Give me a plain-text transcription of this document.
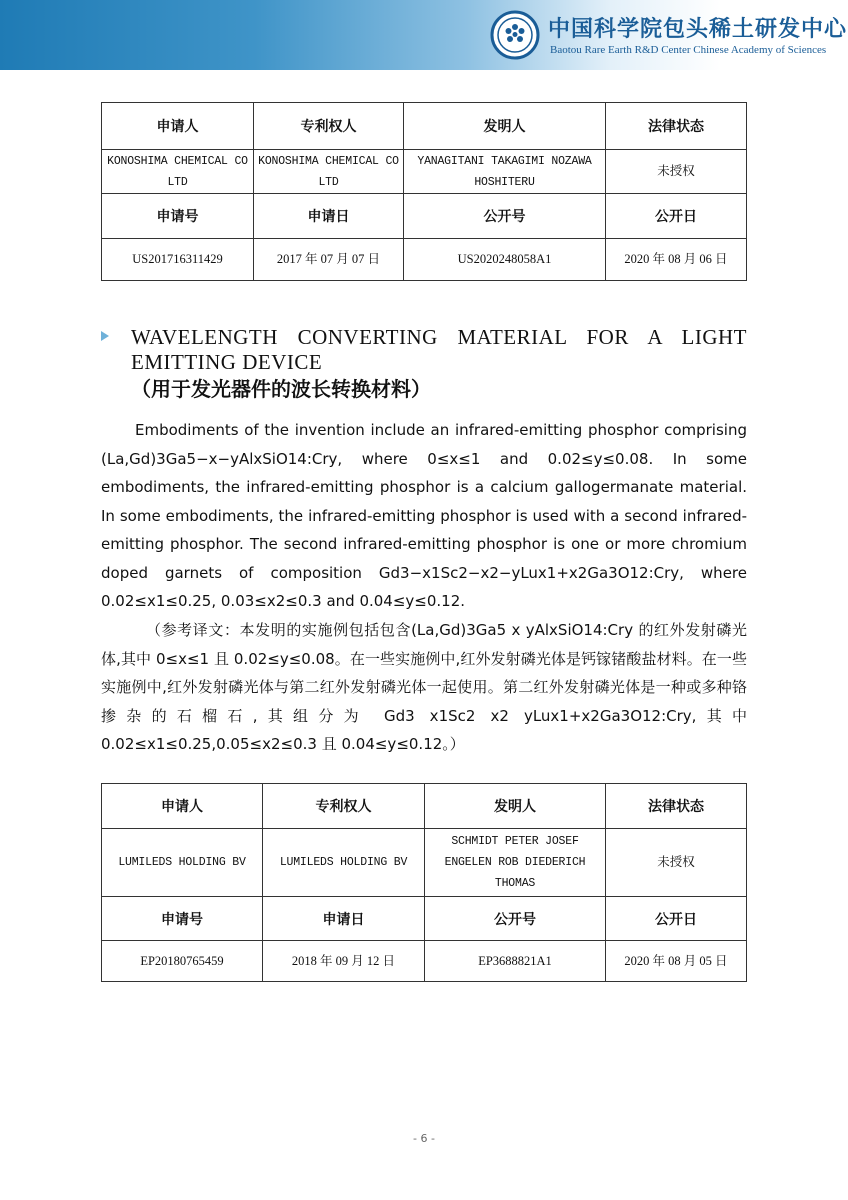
中国科学院包头稀土研发中心
Baotou Rare Earth R&D Center Chinese Academy of Sciences
申请人	专利权人	发明人	法律状态
KONOSHIMA CHEMICAL CO LTD	KONOSHIMA CHEMICAL CO LTD	YANAGITANI TAKAGIMI NOZAWA HOSHITERU	未授权
申请号	申请日	公开号	公开日
US201716311429	2017 年 07 月 07 日	US2020248058A1	2020 年 08 月 06 日
WAVELENGTH CONVERTING MATERIAL FOR A LIGHT EMITTING DEVICE
（用于发光器件的波长转换材料）
Embodiments of the invention include an infrared-emitting phosphor comprising (La,Gd)3Ga5−x−yAlxSiO14:Cry, where 0≤x≤1 and 0.02≤y≤0.08. In some embodiments, the infrared-emitting phosphor is a calcium gallogermanate material. In some embodiments, the infrared-emitting phosphor is used with a second infrared-emitting phosphor. The second infrared-emitting phosphor is one or more chromium doped garnets of composition Gd3−x1Sc2−x2−yLux1+x2Ga3O12:Cry, where 0.02≤x1≤0.25, 0.03≤x2≤0.3 and 0.04≤y≤0.12.
（参考译文：本发明的实施例包括包含(La,Gd)3Ga5 x yAlxSiO14:Cry 的红外发射磷光体,其中 0≤x≤1 且 0.02≤y≤0.08。在一些实施例中,红外发射磷光体是钙镓锗酸盐材料。在一些实施例中,红外发射磷光体与第二红外发射磷光体一起使用。第二红外发射磷光体是一种或多种铬掺杂的石榴石,其组分为 Gd3 x1Sc2 x2 yLux1+x2Ga3O12:Cry,其中 0.02≤x1≤0.25,0.05≤x2≤0.3 且 0.04≤y≤0.12。）
申请人	专利权人	发明人	法律状态
LUMILEDS HOLDING BV	LUMILEDS HOLDING BV	SCHMIDT PETER JOSEF ENGELEN ROB DIEDERICH THOMAS	未授权
申请号	申请日	公开号	公开日
EP20180765459	2018 年 09 月 12 日	EP3688821A1	2020 年 08 月 05 日
- 6 -
